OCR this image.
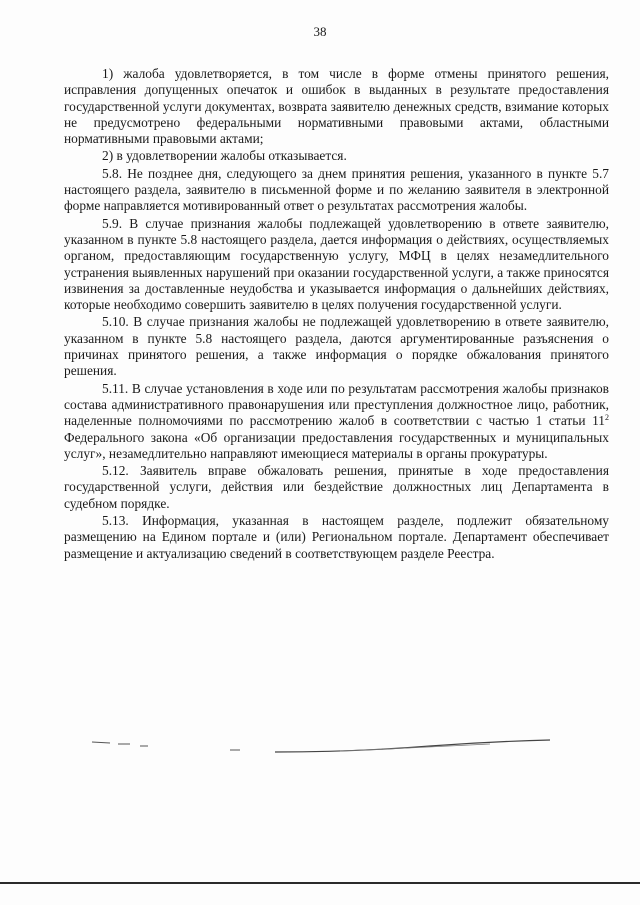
38

1) жалоба удовлетворяется, в том числе в форме отмены принятого решения, исправления допущенных опечаток и ошибок в выданных в результате предоставления государственной услуги документах, возврата заявителю денежных средств, взимание которых не предусмотрено федеральными нормативными правовыми актами, областными нормативными правовыми актами;

2) в удовлетворении жалобы отказывается.

5.8. Не позднее дня, следующего за днем принятия решения, указанного в пункте 5.7 настоящего раздела, заявителю в письменной форме и по желанию заявителя в электронной форме направляется мотивированный ответ о результатах рассмотрения жалобы.

5.9. В случае признания жалобы подлежащей удовлетворению в ответе заявителю, указанном в пункте 5.8 настоящего раздела, дается информация о действиях, осуществляемых органом, предоставляющим государственную услугу, МФЦ в целях незамедлительного устранения выявленных нарушений при оказании государственной услуги, а также приносятся извинения за доставленные неудобства и указывается информация о дальнейших действиях, которые необходимо совершить заявителю в целях получения государственной услуги.

5.10. В случае признания жалобы не подлежащей удовлетворению в ответе заявителю, указанном в пункте 5.8 настоящего раздела, даются аргументированные разъяснения о причинах принятого решения, а также информация о порядке обжалования принятого решения.

5.11. В случае установления в ходе или по результатам рассмотрения жалобы признаков состава административного правонарушения или преступления должностное лицо, работник, наделенные полномочиями по рассмотрению жалоб в соответствии с частью 1 статьи $11^2$ Федерального закона «Об организации предоставления государственных и муниципальных услуг», незамедлительно направляют имеющиеся материалы в органы прокуратуры.

5.12. Заявитель вправе обжаловать решения, принятые в ходе предоставления государственной услуги, действия или бездействие должностных лиц Департамента в судебном порядке.

5.13. Информация, указанная в настоящем разделе, подлежит обязательному размещению на Едином портале и (или) Региональном портале. Департамент обеспечивает размещение и актуализацию сведений в соответствующем разделе Реестра.
